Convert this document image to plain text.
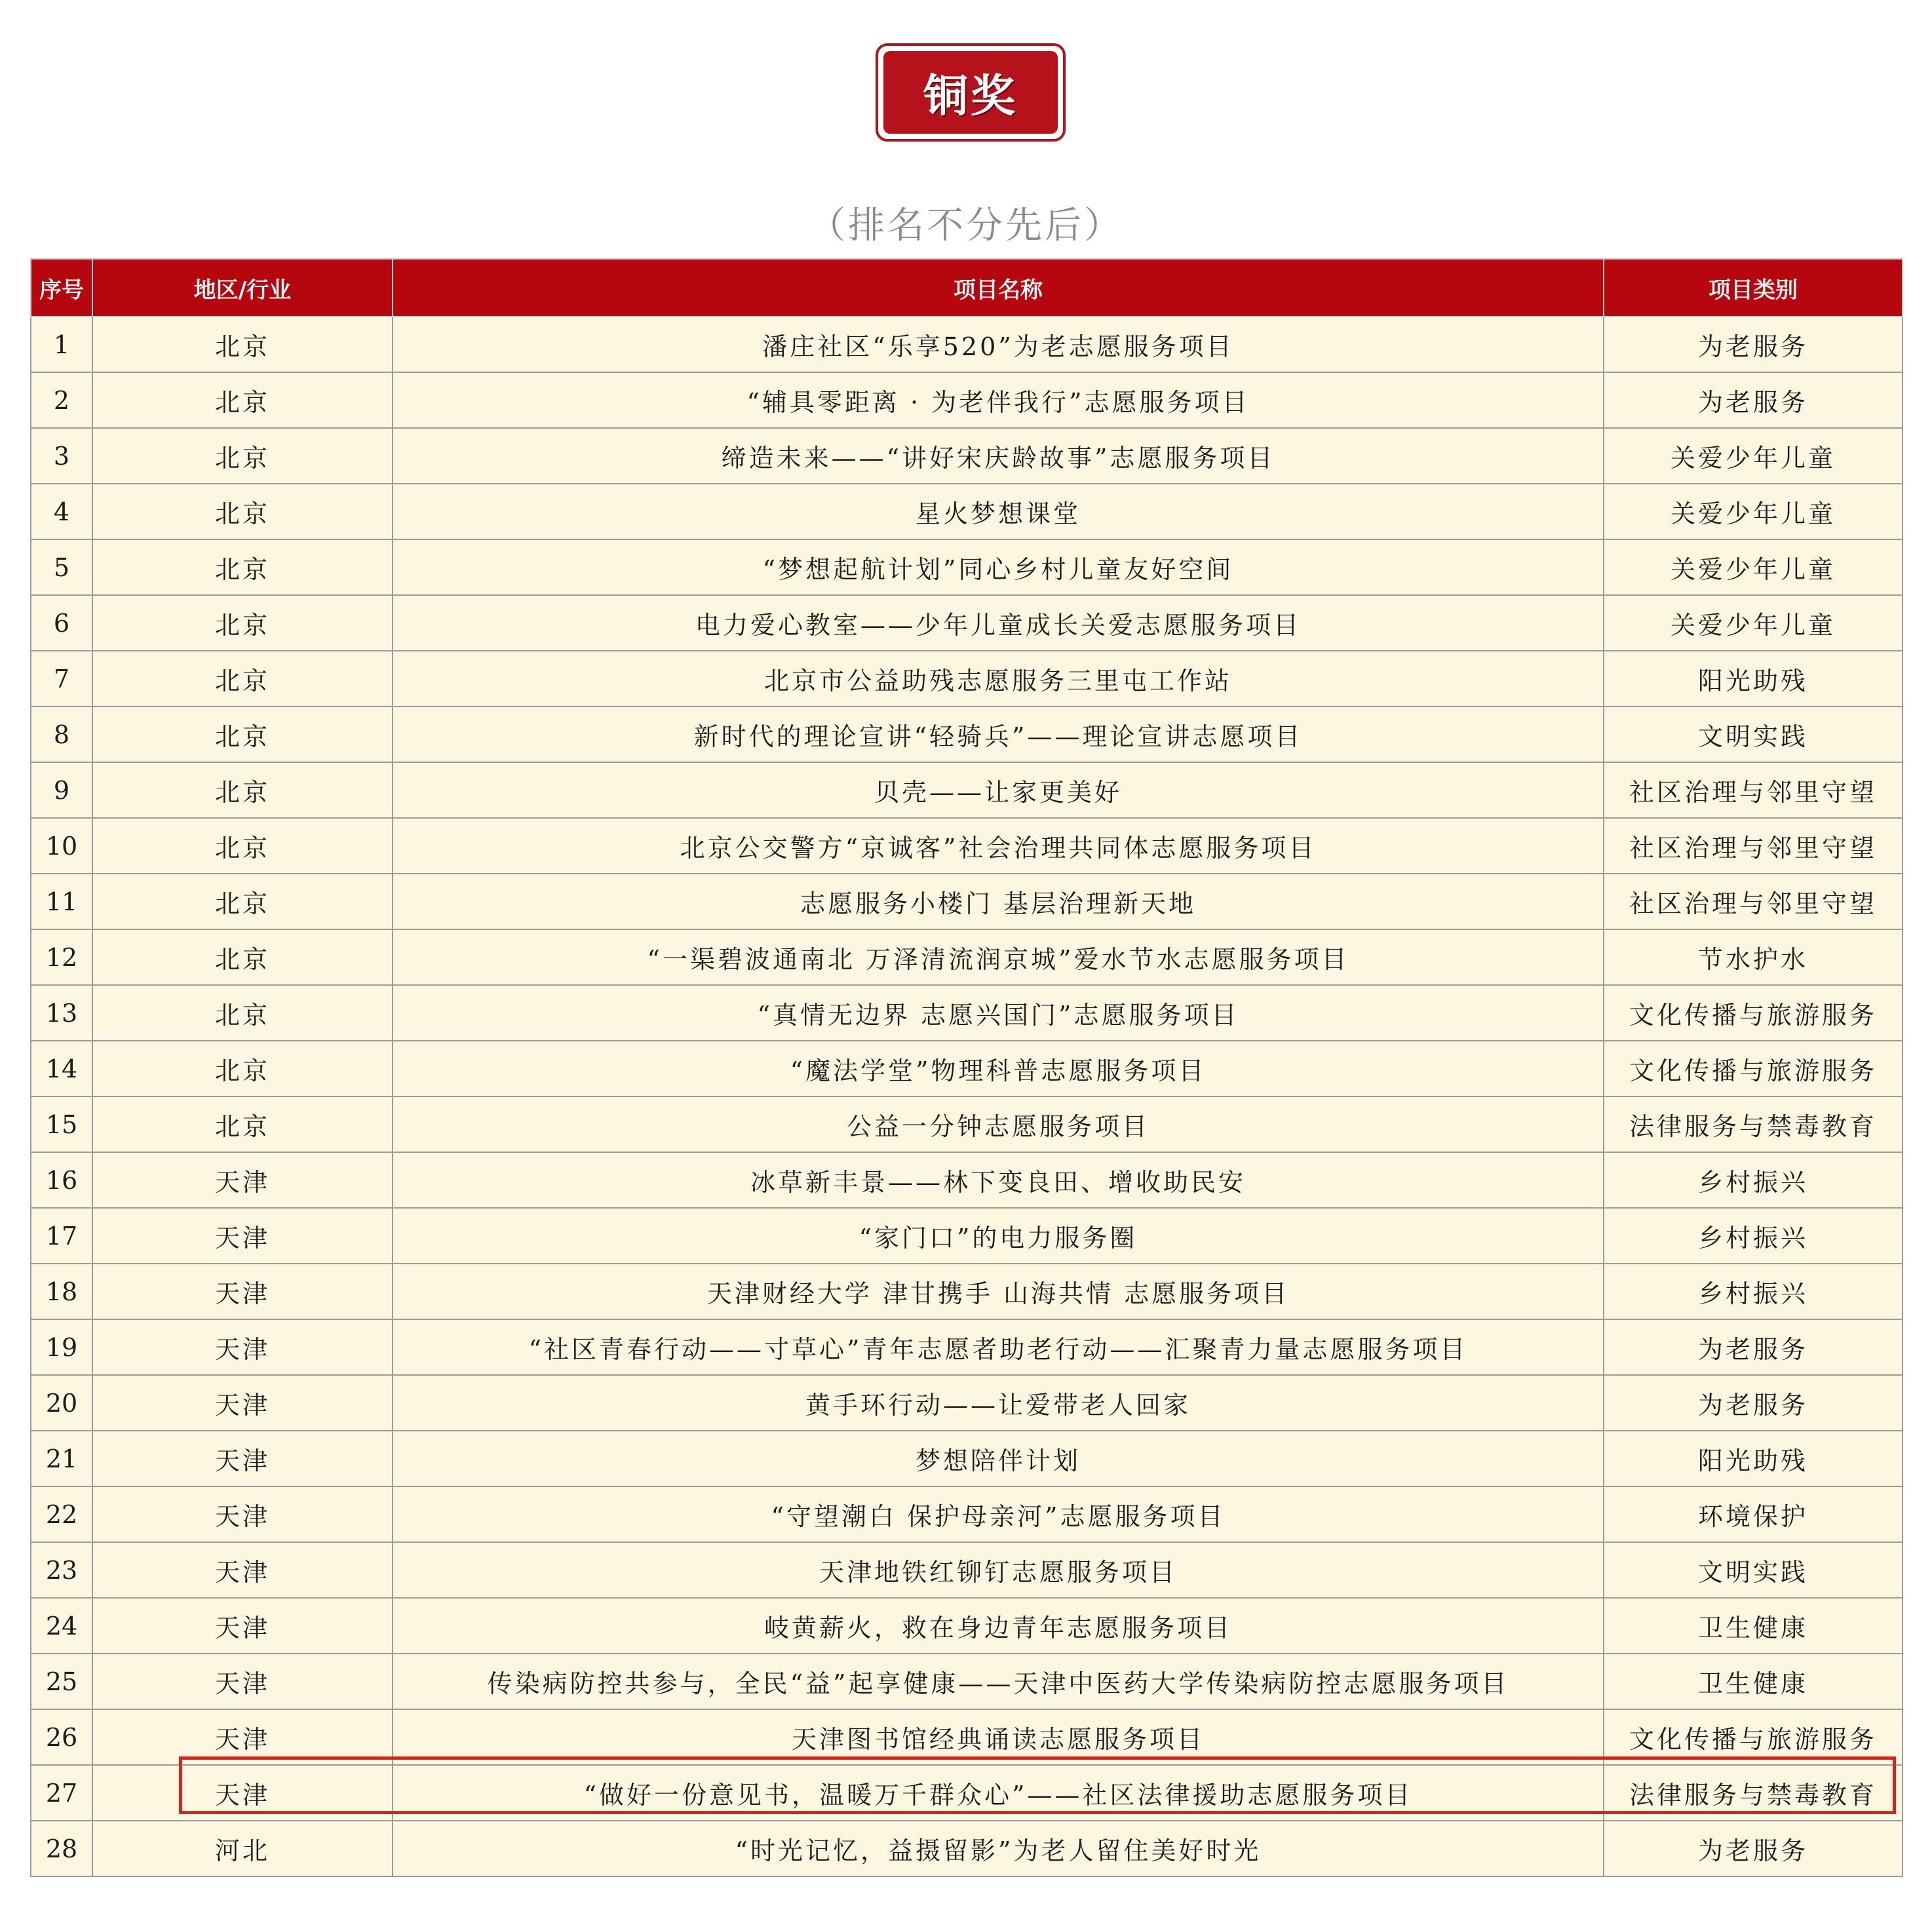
铜奖
（排名不分先后）
序号	地区/行业	项目名称	项目类别
1	北京	潘庄社区“乐享520”为老志愿服务项目	为老服务
2	北京	“辅具零距离 · 为老伴我行”志愿服务项目	为老服务
3	北京	缔造未来——“讲好宋庆龄故事”志愿服务项目	关爱少年儿童
4	北京	星火梦想课堂	关爱少年儿童
5	北京	“梦想起航计划”同心乡村儿童友好空间	关爱少年儿童
6	北京	电力爱心教室——少年儿童成长关爱志愿服务项目	关爱少年儿童
7	北京	北京市公益助残志愿服务三里屯工作站	阳光助残
8	北京	新时代的理论宣讲“轻骑兵”——理论宣讲志愿项目	文明实践
9	北京	贝壳——让家更美好	社区治理与邻里守望
10	北京	北京公交警方“京诚客”社会治理共同体志愿服务项目	社区治理与邻里守望
11	北京	志愿服务小楼门 基层治理新天地	社区治理与邻里守望
12	北京	“一渠碧波通南北 万泽清流润京城”爱水节水志愿服务项目	节水护水
13	北京	“真情无边界 志愿兴国门”志愿服务项目	文化传播与旅游服务
14	北京	“魔法学堂”物理科普志愿服务项目	文化传播与旅游服务
15	北京	公益一分钟志愿服务项目	法律服务与禁毒教育
16	天津	冰草新丰景——林下变良田、增收助民安	乡村振兴
17	天津	“家门口”的电力服务圈	乡村振兴
18	天津	天津财经大学 津甘携手 山海共情 志愿服务项目	乡村振兴
19	天津	“社区青春行动——寸草心”青年志愿者助老行动——汇聚青力量志愿服务项目	为老服务
20	天津	黄手环行动——让爱带老人回家	为老服务
21	天津	梦想陪伴计划	阳光助残
22	天津	“守望潮白 保护母亲河”志愿服务项目	环境保护
23	天津	天津地铁红铆钉志愿服务项目	文明实践
24	天津	岐黄薪火，救在身边青年志愿服务项目	卫生健康
25	天津	传染病防控共参与，全民“益”起享健康——天津中医药大学传染病防控志愿服务项目	卫生健康
26	天津	天津图书馆经典诵读志愿服务项目	文化传播与旅游服务
27	天津	“做好一份意见书，温暖万千群众心”——社区法律援助志愿服务项目	法律服务与禁毒教育
28	河北	“时光记忆，益摄留影”为老人留住美好时光	为老服务
